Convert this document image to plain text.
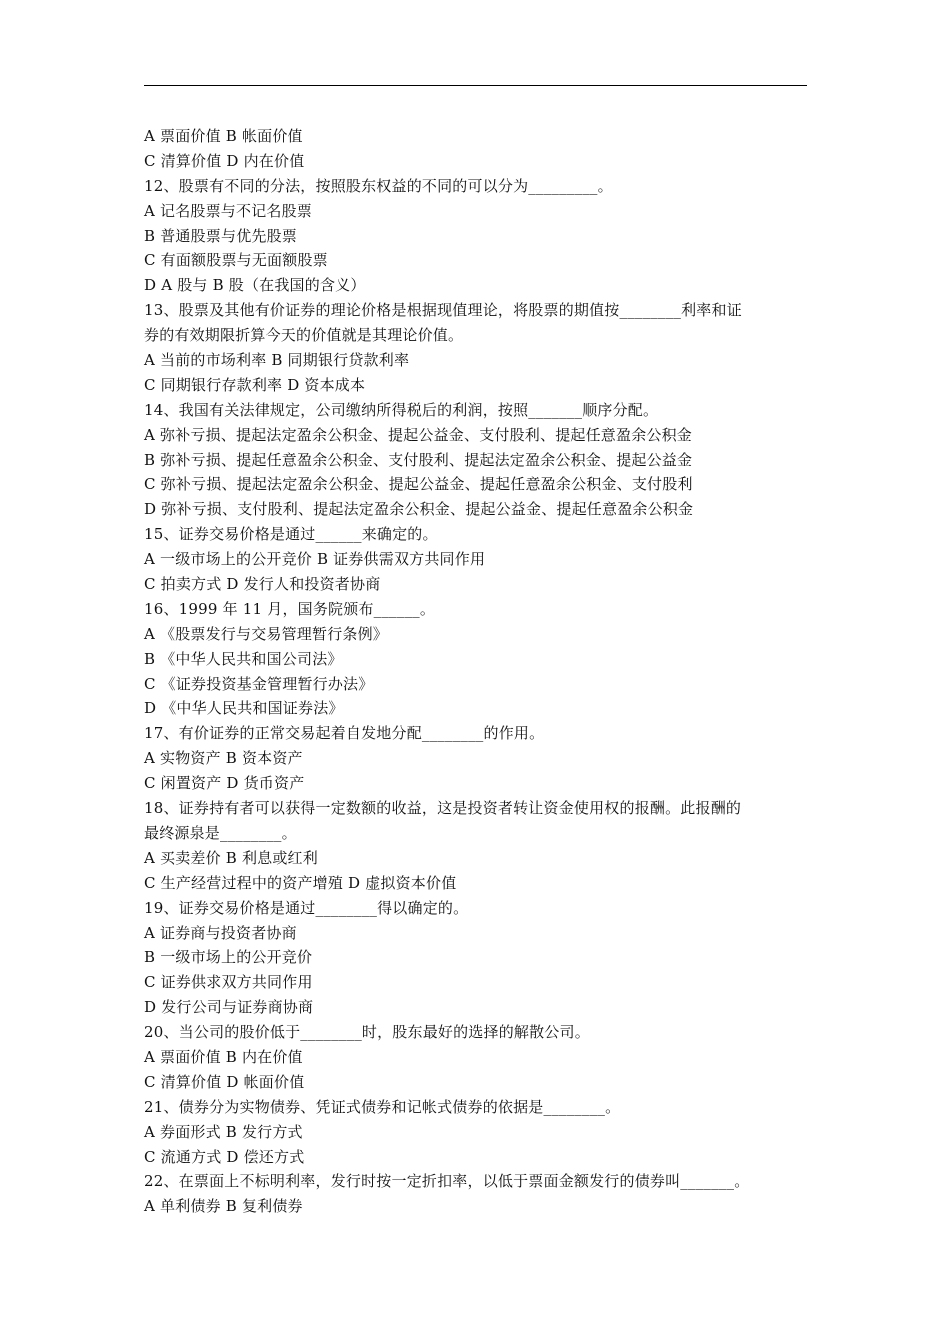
A 票面价值 B 帐面价值
C 清算价值 D 内在价值
12、股票有不同的分法，按照股东权益的不同的可以分为_________。
A 记名股票与不记名股票
B 普通股票与优先股票
C 有面额股票与无面额股票
D A 股与 B 股（在我国的含义）
13、股票及其他有价证券的理论价格是根据现值理论，将股票的期值按________利率和证
券的有效期限折算今天的价值就是其理论价值。
A 当前的市场利率 B 同期银行贷款利率
C 同期银行存款利率 D 资本成本
14、我国有关法律规定，公司缴纳所得税后的利润，按照_______顺序分配。
A 弥补亏损、提起法定盈余公积金、提起公益金、支付股利、提起任意盈余公积金
B 弥补亏损、提起任意盈余公积金、支付股利、提起法定盈余公积金、提起公益金
C 弥补亏损、提起法定盈余公积金、提起公益金、提起任意盈余公积金、支付股利
D 弥补亏损、支付股利、提起法定盈余公积金、提起公益金、提起任意盈余公积金
15、证券交易价格是通过______来确定的。
A 一级市场上的公开竞价 B 证券供需双方共同作用
C 拍卖方式 D 发行人和投资者协商
16、1999 年 11 月，国务院颁布______。
A 《股票发行与交易管理暂行条例》
B 《中华人民共和国公司法》
C 《证券投资基金管理暂行办法》
D 《中华人民共和国证券法》
17、有价证券的正常交易起着自发地分配________的作用。
A 实物资产 B 资本资产
C 闲置资产 D 货币资产
18、证券持有者可以获得一定数额的收益，这是投资者转让资金使用权的报酬。此报酬的
最终源泉是________。
A 买卖差价 B 利息或红利
C 生产经营过程中的资产增殖 D 虚拟资本价值
19、证券交易价格是通过________得以确定的。
A 证券商与投资者协商
B 一级市场上的公开竞价
C 证券供求双方共同作用
D 发行公司与证券商协商
20、当公司的股价低于________时，股东最好的选择的解散公司。
A 票面价值 B 内在价值
C 清算价值 D 帐面价值
21、债券分为实物债券、凭证式债券和记帐式债券的依据是________。
A 券面形式 B 发行方式
C 流通方式 D 偿还方式
22、在票面上不标明利率，发行时按一定折扣率，以低于票面金额发行的债券叫_______。
A 单利债券 B 复利债券
